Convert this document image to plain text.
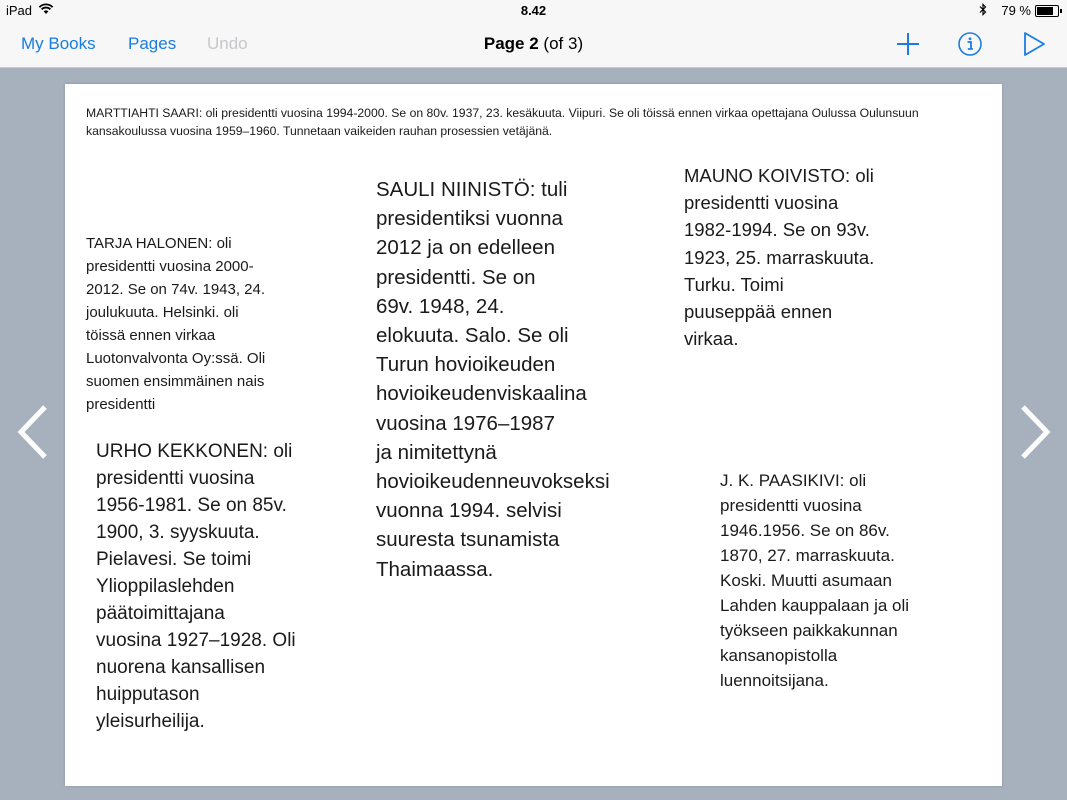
iPad	8.42	79 %
My Books Pages Undo	Page 2 (of 3)
MARTTIAHTI SAARI: oli presidentti vuosina 1994-2000. Se on 80v. 1937, 23. kesäkuuta. Viipuri. Se oli töissä ennen virkaa opettajana Oulussa Oulunsuun kansakoulussa vuosina 1959–1960. Tunnetaan vaikeiden rauhan prosessien vetäjänä.
TARJA HALONEN: oli
presidentti vuosina 2000-
2012. Se on 74v. 1943, 24.
joulukuuta. Helsinki. oli
töissä ennen virkaa
Luotonvalvonta Oy:ssä. Oli
suomen ensimmäinen nais
presidentti
URHO KEKKONEN: oli
presidentti vuosina
1956-1981. Se on 85v.
1900, 3. syyskuuta.
Pielavesi. Se toimi
Ylioppilaslehden
päätoimittajana
vuosina 1927–1928. Oli
nuorena kansallisen
huipputason
yleisurheilija.
SAULI NIINISTÖ: tuli
presidentiksi vuonna
2012 ja on edelleen
presidentti. Se on
69v. 1948, 24.
elokuuta. Salo. Se oli
Turun hovioikeuden
hovioikeudenviskaalina
vuosina 1976–1987
ja nimitettynä
hovioikeudenneuvokseksi
vuonna 1994. selvisi
suuresta tsunamista
Thaimaassa.
MAUNO KOIVISTO: oli
presidentti vuosina
1982-1994. Se on 93v.
1923, 25. marraskuuta.
Turku. Toimi
puuseppää ennen
virkaa.
J. K. PAASIKIVI: oli
presidentti vuosina
1946.1956. Se on 86v.
1870, 27. marraskuuta.
Koski. Muutti asumaan
Lahden kauppalaan ja oli
työkseen paikkakunnan
kansanopistolla
luennoitsijana.
